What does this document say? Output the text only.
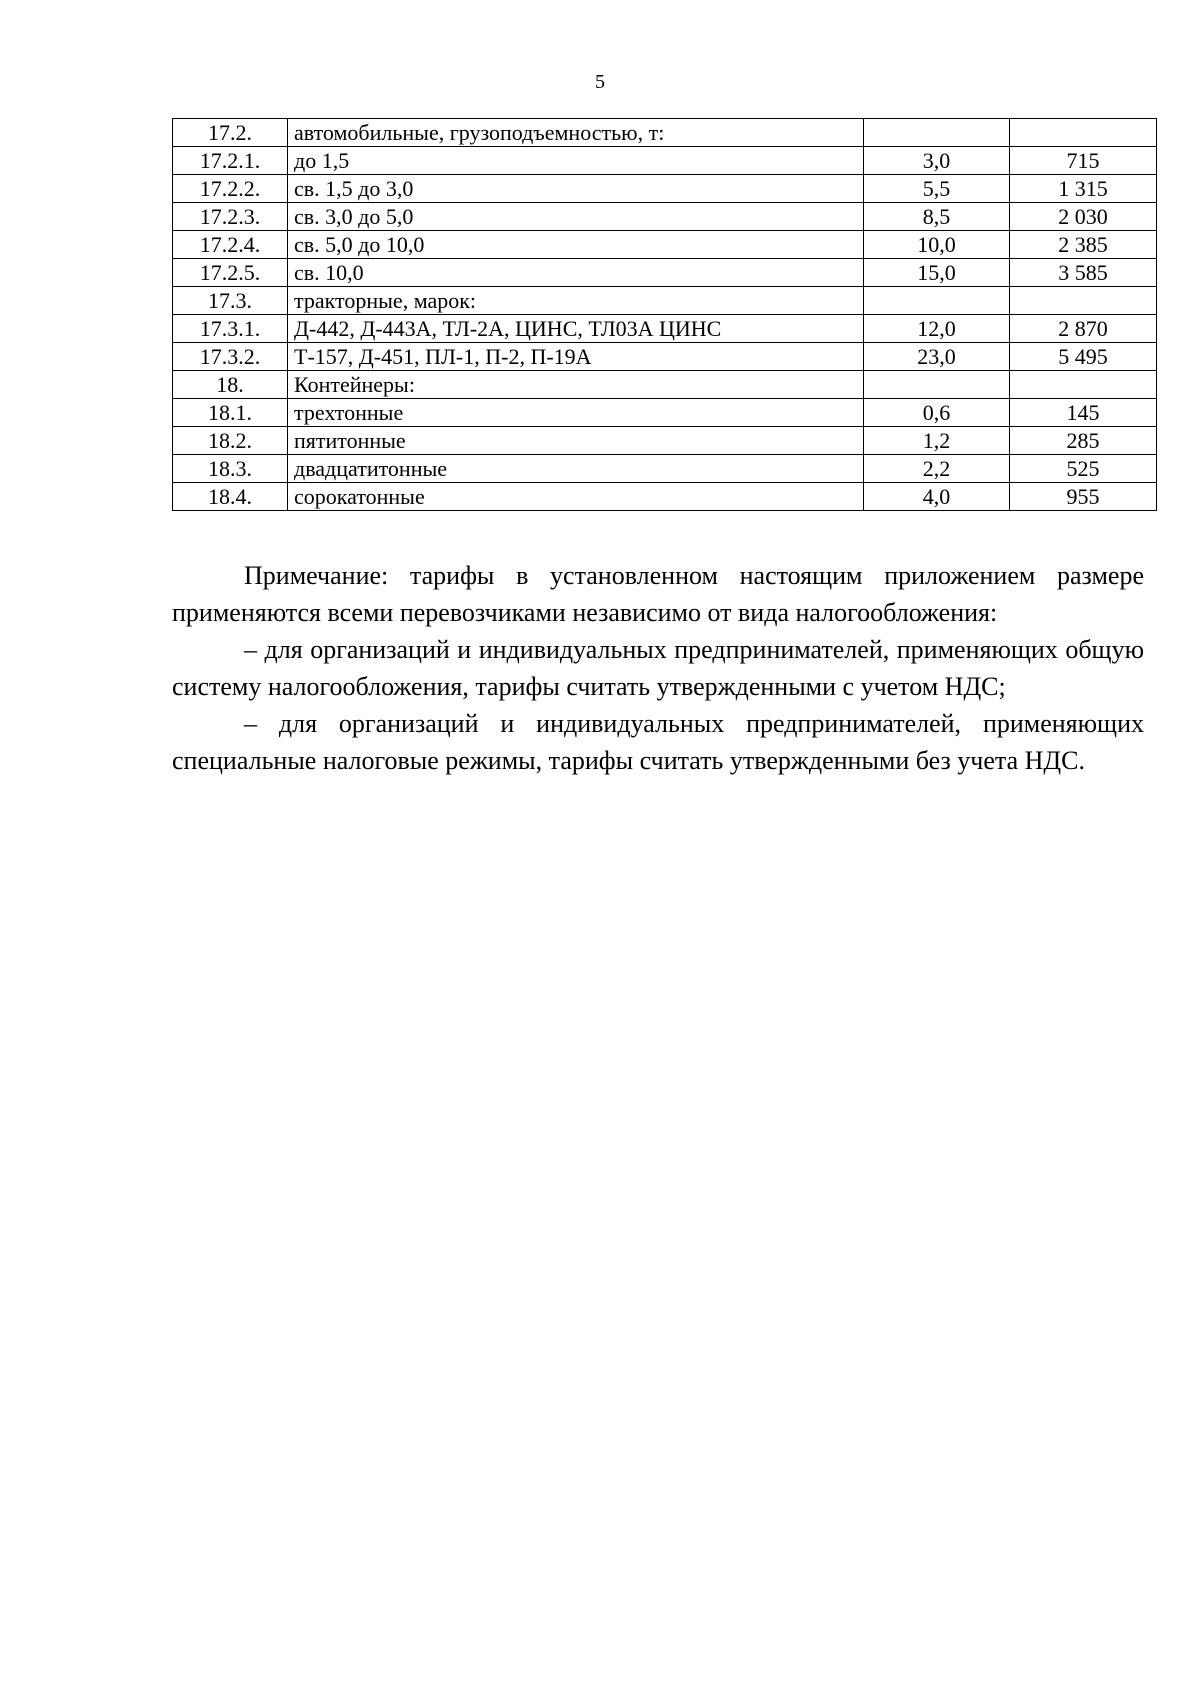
5
17.2.	автомобильные, грузоподъемностью, т:		
17.2.1.	до 1,5	3,0	715
17.2.2.	св. 1,5 до 3,0	5,5	1 315
17.2.3.	св. 3,0 до 5,0	8,5	2 030
17.2.4.	св. 5,0 до 10,0	10,0	2 385
17.2.5.	св. 10,0	15,0	3 585
17.3.	тракторные, марок:		
17.3.1.	Д-442, Д-443А, ТЛ-2А, ЦИНС, ТЛ03А ЦИНС	12,0	2 870
17.3.2.	Т-157, Д-451, ПЛ-1, П-2, П-19А	23,0	5 495
18.	Контейнеры:		
18.1.	трехтонные	0,6	145
18.2.	пятитонные	1,2	285
18.3.	двадцатитонные	2,2	525
18.4.	сорокатонные	4,0	955

Примечание: тарифы в установленном настоящим приложением размере применяются всеми перевозчиками независимо от вида налогообложения:

– для организаций и индивидуальных предпринимателей, применяющих общую систему налогообложения, тарифы считать утвержденными с учетом НДС;

– для организаций и индивидуальных предпринимателей, применяющих специальные налоговые режимы, тарифы считать утвержденными без учета НДС.
